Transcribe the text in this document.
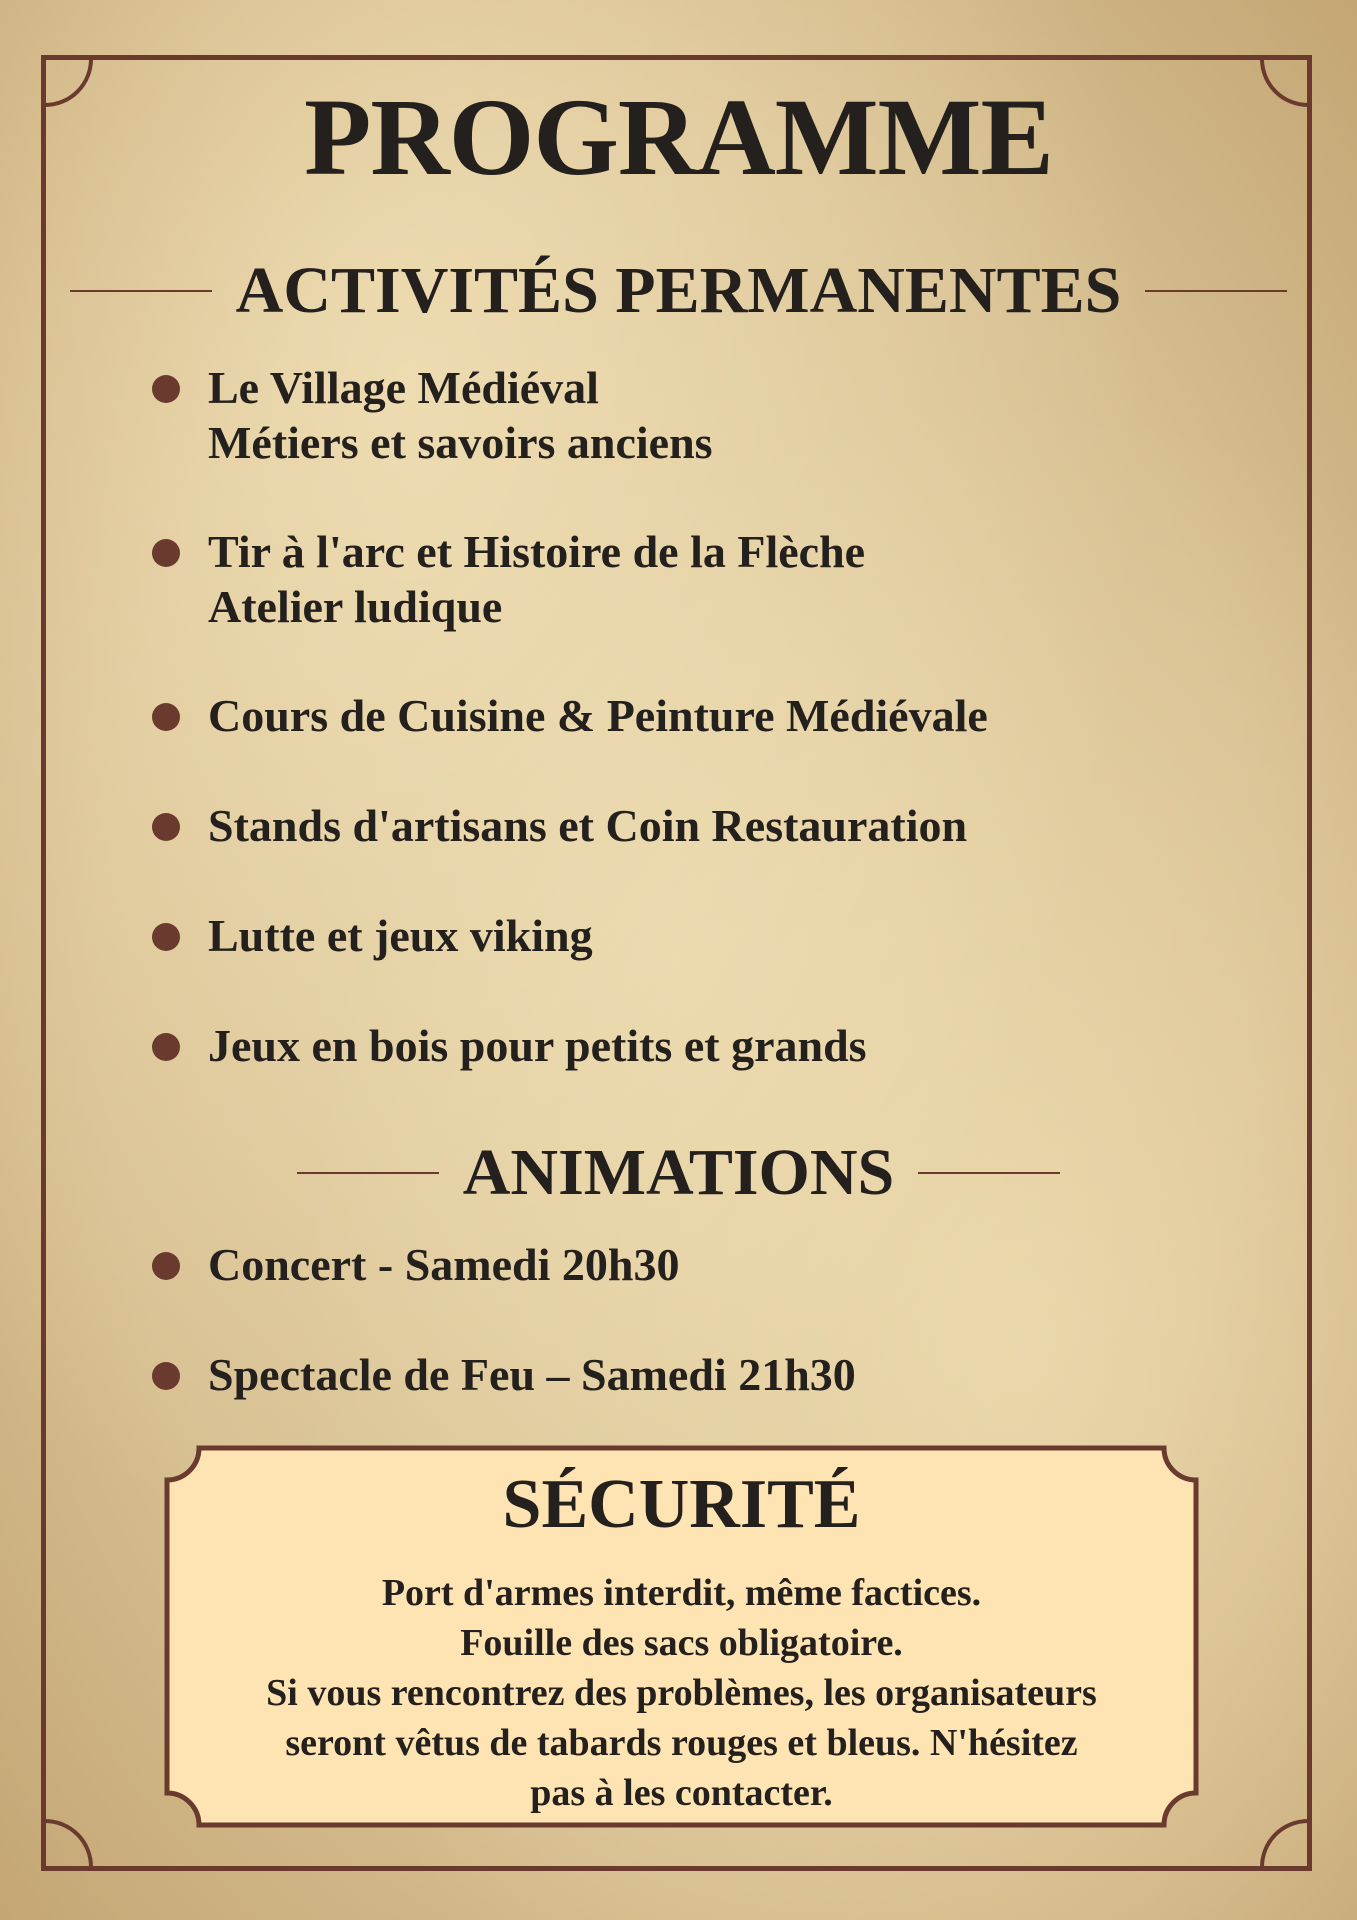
PROGRAMME
ACTIVITÉS PERMANENTES
Le Village Médiéval
Métiers et savoirs anciens
Tir à l'arc et Histoire de la Flèche
Atelier ludique
Cours de Cuisine & Peinture Médiévale
Stands d'artisans et Coin Restauration
Lutte et jeux viking
Jeux en bois pour petits et grands
ANIMATIONS
Concert - Samedi 20h30
Spectacle de Feu – Samedi 21h30
SÉCURITÉ
Port d'armes interdit, même factices.
Fouille des sacs obligatoire.
Si vous rencontrez des problèmes, les organisateurs
seront vêtus de tabards rouges et bleus. N'hésitez
pas à les contacter.
